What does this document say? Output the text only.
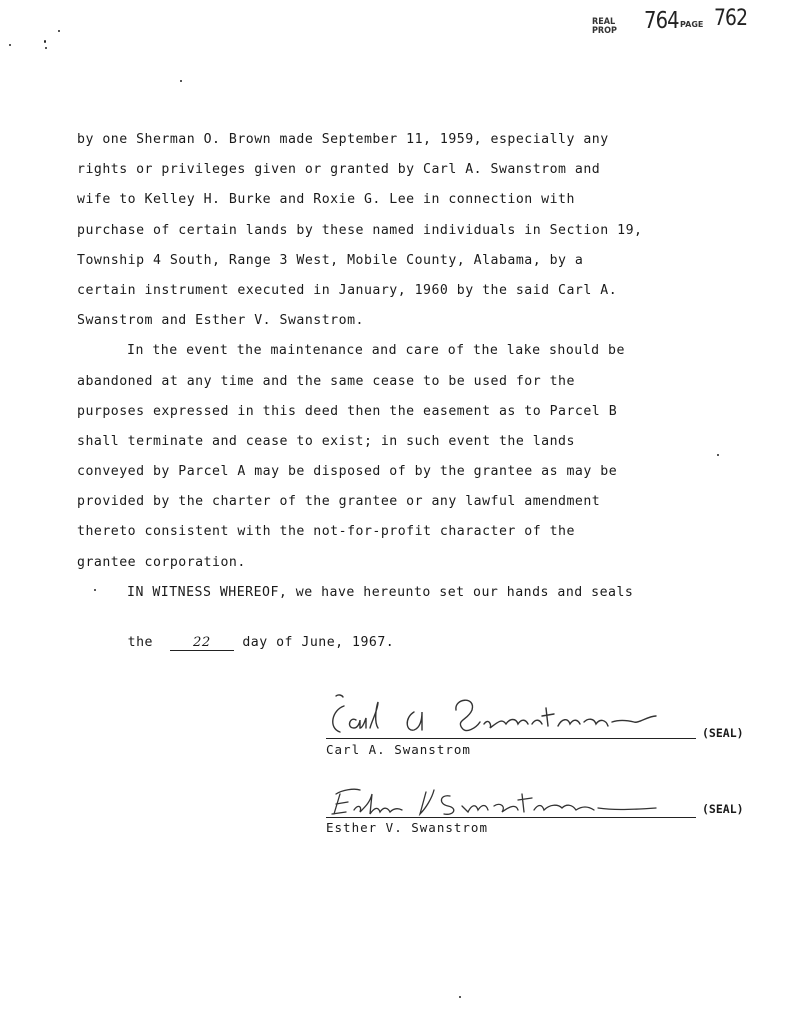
REAL
PROP 764 PAGE 762
by one Sherman O. Brown made September 11, 1959, especially any
rights or privileges given or granted by Carl A. Swanstrom and
wife to Kelley H. Burke and Roxie G. Lee in connection with
purchase of certain lands by these named individuals in Section 19,
Township 4 South, Range 3 West, Mobile County, Alabama, by a
certain instrument executed in January, 1960 by the said Carl A.
Swanstrom and Esther V. Swanstrom.
In the event the maintenance and care of the lake should be
abandoned at any time and the same cease to be used for the
purposes expressed in this deed then the easement as to Parcel B
shall terminate and cease to exist; in such event the lands
conveyed by Parcel A may be disposed of by the grantee as may be
provided by the charter of the grantee or any lawful amendment
thereto consistent with the not-for-profit character of the
grantee corporation.
IN WITNESS WHEREOF, we have hereunto set our hands and seals

the	22 day of June, 1967.

(SEAL)
Carl A. Swanstrom
(SEAL)
Esther V. Swanstrom
